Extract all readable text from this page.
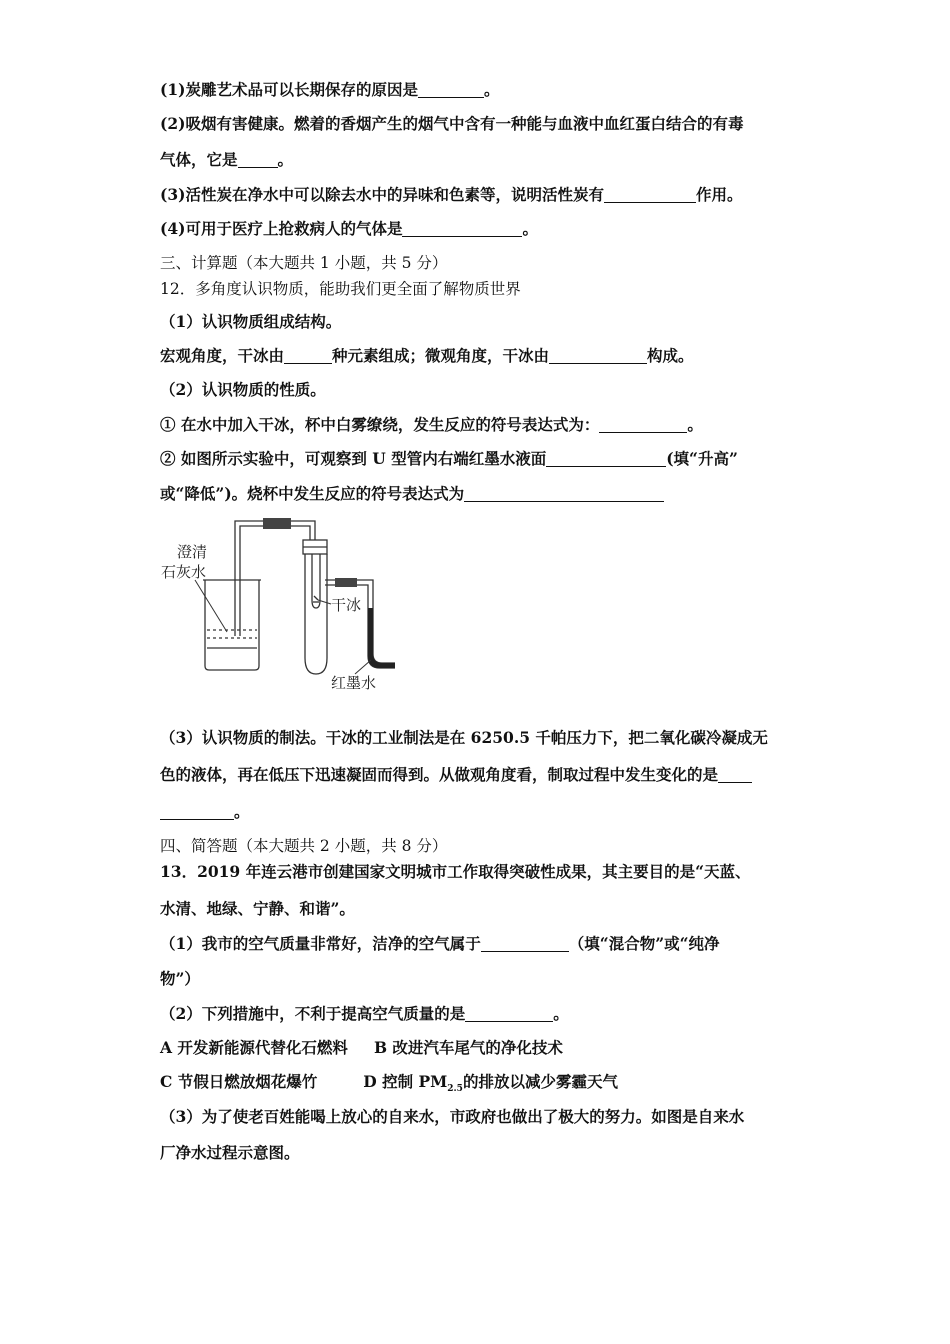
(1)炭雕艺术品可以长期保存的原因是	。
(2)吸烟有害健康。燃着的香烟产生的烟气中含有一种能与血液中血红蛋白结合的有毒
气体，它是	。
(3)活性炭在净水中可以除去水中的异味和色素等，说明活性炭有	作用。
(4)可用于医疗上抢救病人的气体是	。
三、计算题（本大题共 1 小题，共 5 分）
12．多角度认识物质，能助我们更全面了解物质世界
（1）认识物质组成结构。
宏观角度，干冰由	种元素组成；微观角度，干冰由	构成。
（2）认识物质的性质。
① 在水中加入干冰，杯中白雾缭绕，发生反应的符号表达式为：	。
② 如图所示实验中，可观察到 U 型管内右端红墨水液面	(填“升高”
或“降低”)。烧杯中发生反应的符号表达式为
澄清
石灰水
干冰
红墨水
（3）认识物质的制法。干冰的工业制法是在 6250.5 千帕压力下，把二氧化碳冷凝成无
色的液体，再在低压下迅速凝固而得到。从做观角度看，制取过程中发生变化的是
。
四、简答题（本大题共 2 小题，共 8 分）
13．2019 年连云港市创建国家文明城市工作取得突破性成果，其主要目的是“天蓝、
水清、地绿、宁静、和谐”。
（1）我市的空气质量非常好，洁净的空气属于	（填“混合物”或“纯净
物”）
（2）下列措施中，不利于提高空气质量的是	。
A 开发新能源代替化石燃料 B 改进汽车尾气的净化技术
C 节假日燃放烟花爆竹	D 控制 $PM_{2.5}$的排放以减少雾霾天气
（3）为了使老百姓能喝上放心的自来水，市政府也做出了极大的努力。如图是自来水
厂净水过程示意图。
